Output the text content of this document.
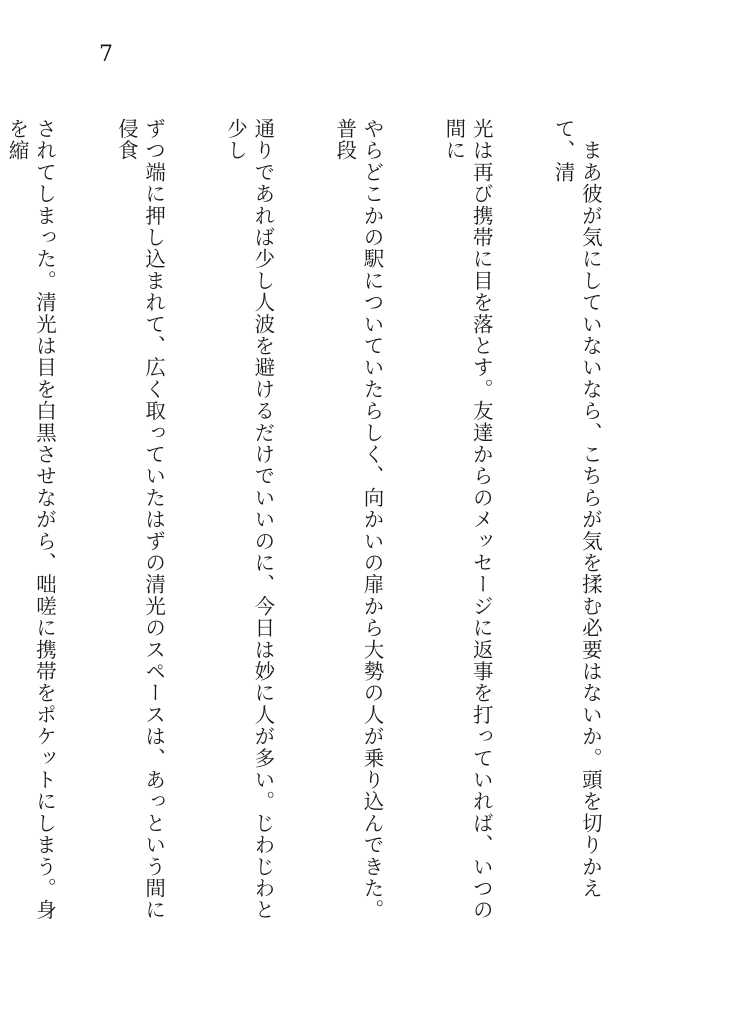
7

　まあ彼が気にしていないなら、こちらが気を揉む必要はないか。頭を切りかえて、清

光は再び携帯に目を落とす。友達からのメッセージに返事を打っていれば、いつの間に

やらどこかの駅についていたらしく、向かいの扉から大勢の人が乗り込んできた。普段

通りであれば少し人波を避けるだけでいいのに、今日は妙に人が多い。じわじわと少し

ずつ端に押し込まれて、広く取っていたはずの清光のスペースは、あっという間に侵食

されてしまった。清光は目を白黒させながら、咄嗟に携帯をポケットにしまう。身を縮
